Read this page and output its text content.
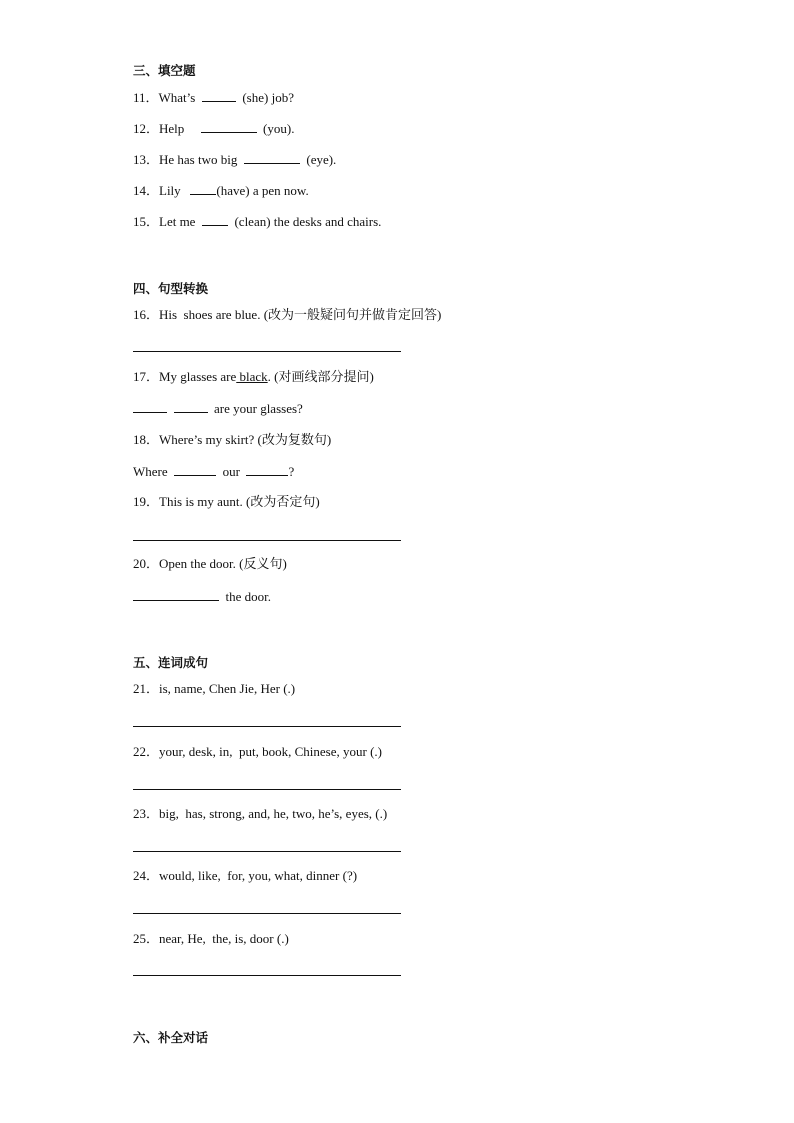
三、填空题
11．What’s	(she) job?
12．Help	(you).
13．He has two big	(eye).
14．Lily	(have) a pen now.
15．Let me	(clean) the desks and chairs.
四、句型转换
16．His  shoes are blue. (改为一般疑问句并做肯定回答)
17．My glasses are black. (对画线部分提问)
are your glasses?
18．Where’s my skirt? (改为复数句)
Where	our	?
19．This is my aunt. (改为否定句)
20．Open the door. (反义句)
the door.
五、连词成句
21．is, name, Chen Jie, Her (.)
22．your, desk, in,  put, book, Chinese, your (.)
23．big,  has, strong, and, he, two, he’s, eyes, (.)
24．would, like,  for, you, what, dinner (?)
25．near, He,  the, is, door (.)
六、补全对话
